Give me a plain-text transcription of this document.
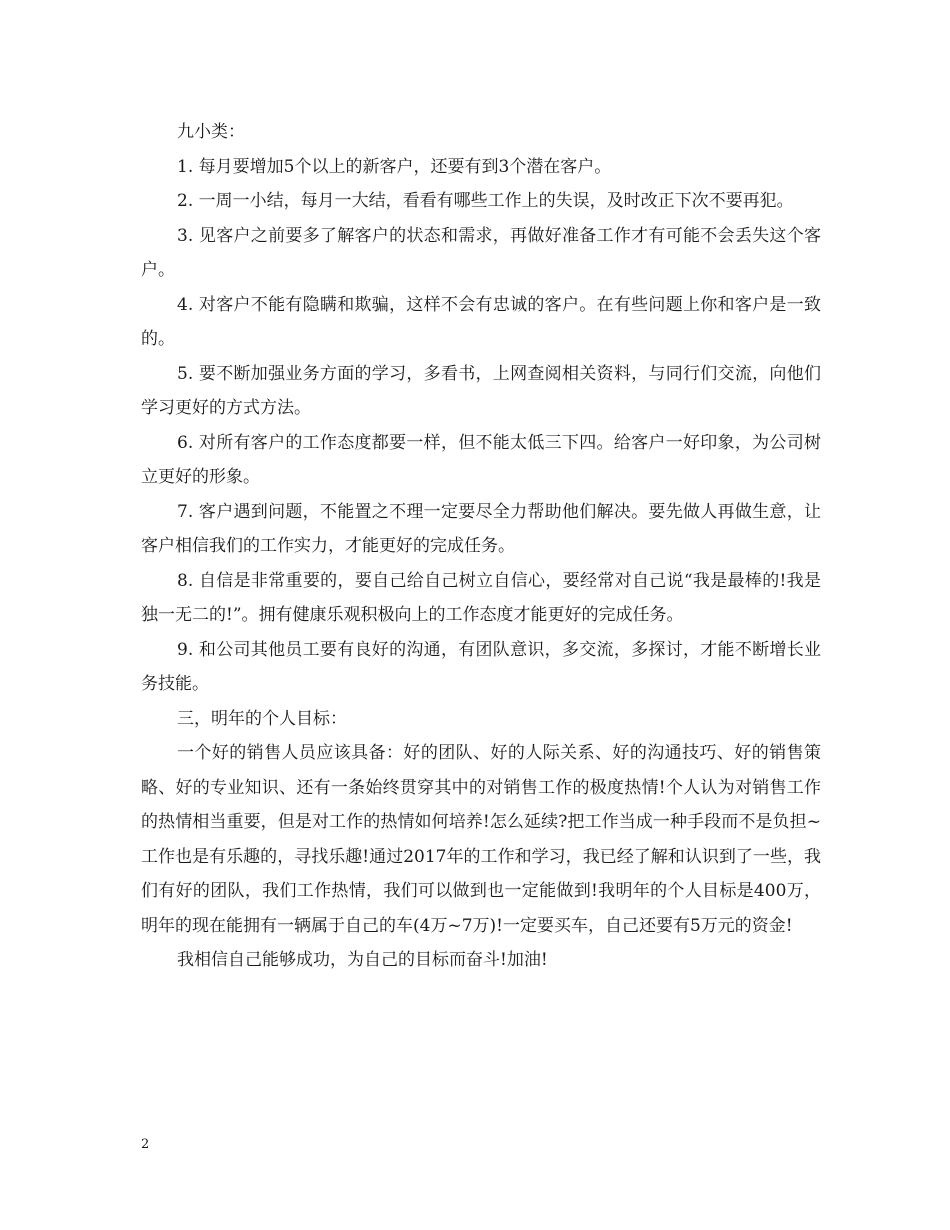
九小类：

1. 每月要增加5个以上的新客户，还要有到3个潜在客户。

2. 一周一小结，每月一大结，看看有哪些工作上的失误，及时改正下次不要再犯。

3. 见客户之前要多了解客户的状态和需求，再做好准备工作才有可能不会丢失这个客户。

4. 对客户不能有隐瞒和欺骗，这样不会有忠诚的客户。在有些问题上你和客户是一致的。

5. 要不断加强业务方面的学习，多看书，上网查阅相关资料，与同行们交流，向他们学习更好的方式方法。

6. 对所有客户的工作态度都要一样，但不能太低三下四。给客户一好印象，为公司树立更好的形象。

7. 客户遇到问题，不能置之不理一定要尽全力帮助他们解决。要先做人再做生意，让客户相信我们的工作实力，才能更好的完成任务。

8. 自信是非常重要的，要自己给自己树立自信心，要经常对自己说“我是最棒的!我是独一无二的!”。拥有健康乐观积极向上的工作态度才能更好的完成任务。

9. 和公司其他员工要有良好的沟通，有团队意识，多交流，多探讨，才能不断增长业务技能。

三，明年的个人目标：

一个好的销售人员应该具备：好的团队、好的人际关系、好的沟通技巧、好的销售策略、好的专业知识、还有一条始终贯穿其中的对销售工作的极度热情!个人认为对销售工作的热情相当重要，但是对工作的热情如何培养!怎么延续?把工作当成一种手段而不是负担~工作也是有乐趣的，寻找乐趣!通过2017年的工作和学习，我已经了解和认识到了一些，我们有好的团队，我们工作热情，我们可以做到也一定能做到!我明年的个人目标是400万，明年的现在能拥有一辆属于自己的车(4万~7万)!一定要买车，自己还要有5万元的资金!

我相信自己能够成功，为自己的目标而奋斗!加油!

2
